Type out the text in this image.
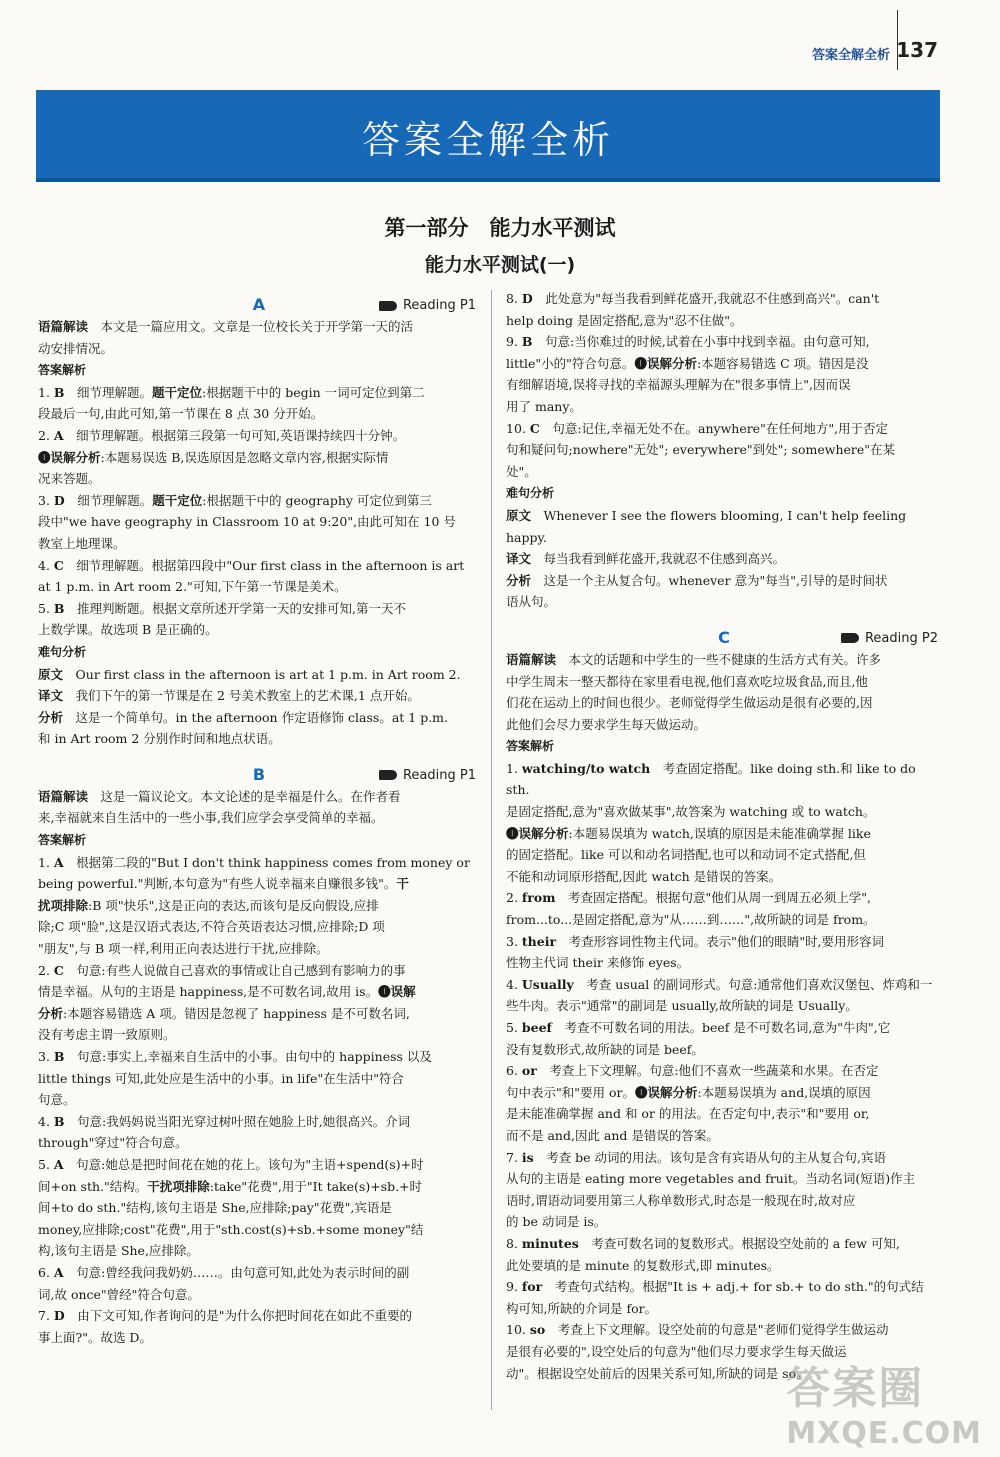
答案全解全析 137
答案全解全析
第一部分　能力水平测试
能力水平测试(一)
A	Reading P1

语篇解读　本文是一篇应用文。文章是一位校长关于开学第一天的活

动安排情况。

答案解析

1. B　细节理解题。题干定位:根据题干中的 begin 一词可定位到第二

段最后一句,由此可知,第一节课在 8 点 30 分开始。

2. A　细节理解题。根据第三段第一句可知,英语课持续四十分钟。

❶误解分析:本题易误选 B,误选原因是忽略文章内容,根据实际情

况来答题。

3. D　细节理解题。题干定位:根据题干中的 geography 可定位到第三

段中"we have geography in Classroom 10 at 9:20",由此可知在 10 号

教室上地理课。

4. C　细节理解题。根据第四段中"Our first class in the afternoon is art

at 1 p.m. in Art room 2."可知,下午第一节课是美术。

5. B　推理判断题。根据文章所述开学第一天的安排可知,第一天不

上数学课。故选项 B 是正确的。

难句分析

原文　Our first class in the afternoon is art at 1 p.m. in Art room 2.

译文　我们下午的第一节课是在 2 号美术教室上的艺术课,1 点开始。

分析　这是一个简单句。in the afternoon 作定语修饰 class。at 1 p.m.

和 in Art room 2 分别作时间和地点状语。

B	Reading P1

语篇解读　这是一篇议论文。本文论述的是幸福是什么。在作者看

来,幸福就来自生活中的一些小事,我们应学会享受简单的幸福。

答案解析

1. A　根据第二段的"But I don't think happiness comes from money or

being powerful."判断,本句意为"有些人说幸福来自赚很多钱"。干

扰项排除:B 项"快乐",这是正向的表达,而该句是反向假设,应排

除;C 项"脸",这是汉语式表达,不符合英语表达习惯,应排除;D 项

"朋友",与 B 项一样,利用正向表达进行干扰,应排除。

2. C　句意:有些人说做自己喜欢的事情或让自己感到有影响力的事

情是幸福。从句的主语是 happiness,是不可数名词,故用 is。❶误解

分析:本题容易错选 A 项。错因是忽视了 happiness 是不可数名词,

没有考虑主谓一致原则。

3. B　句意:事实上,幸福来自生活中的小事。由句中的 happiness 以及

little things 可知,此处应是生活中的小事。in life"在生活中"符合

句意。

4. B　句意:我妈妈说当阳光穿过树叶照在她脸上时,她很高兴。介词

through"穿过"符合句意。

5. A　句意:她总是把时间花在她的花上。该句为"主语+spend(s)+时

间+on sth."结构。干扰项排除:take"花费",用于"It take(s)+sb.+时

间+to do sth."结构,该句主语是 She,应排除;pay"花费",宾语是

money,应排除;cost"花费",用于"sth.cost(s)+sb.+some money"结

构,该句主语是 She,应排除。

6. A　句意:曾经我问我奶奶……。由句意可知,此处为表示时间的副

词,故 once"曾经"符合句意。

7. D　由下文可知,作者询问的是"为什么你把时间花在如此不重要的

事上面?"。故选 D。

8. D　此处意为"每当我看到鲜花盛开,我就忍不住感到高兴"。can't

help doing 是固定搭配,意为"忍不住做"。

9. B　句意:当你难过的时候,试着在小事中找到幸福。由句意可知,

little"小的"符合句意。❶误解分析:本题容易错选 C 项。错因是没

有细解语境,误将寻找的幸福源头理解为在"很多事情上",因而误

用了 many。

10. C　句意:记住,幸福无处不在。anywhere"在任何地方",用于否定

句和疑问句;nowhere"无处"; everywhere"到处"; somewhere"在某

处"。

难句分析

原文　Whenever I see the flowers blooming, I can't help feeling happy.

译文　每当我看到鲜花盛开,我就忍不住感到高兴。

分析　这是一个主从复合句。whenever 意为"每当",引导的是时间状

语从句。

C	Reading P2

语篇解读　本文的话题和中学生的一些不健康的生活方式有关。许多

中学生周末一整天都待在家里看电视,他们喜欢吃垃圾食品,而且,他

们花在运动上的时间也很少。老师觉得学生做运动是很有必要的,因

此他们会尽力要求学生每天做运动。

答案解析

1. watching/to watch　考查固定搭配。like doing sth.和 like to do sth.

是固定搭配,意为"喜欢做某事",故答案为 watching 或 to watch。

❶误解分析:本题易误填为 watch,误填的原因是未能准确掌握 like

的固定搭配。like 可以和动名词搭配,也可以和动词不定式搭配,但

不能和动词原形搭配,因此 watch 是错误的答案。

2. from　考查固定搭配。根据句意"他们从周一到周五必须上学",

from...to...是固定搭配,意为"从……到……",故所缺的词是 from。

3. their　考查形容词性物主代词。表示"他们的眼睛"时,要用形容词

性物主代词 their 来修饰 eyes。

4. Usually　考查 usual 的副词形式。句意:通常他们喜欢汉堡包、炸鸡和一

些牛肉。表示"通常"的副词是 usually,故所缺的词是 Usually。

5. beef　考查不可数名词的用法。beef 是不可数名词,意为"牛肉",它

没有复数形式,故所缺的词是 beef。

6. or　考查上下文理解。句意:他们不喜欢一些蔬菜和水果。在否定

句中表示"和"要用 or。❶误解分析:本题易误填为 and,误填的原因

是未能准确掌握 and 和 or 的用法。在否定句中,表示"和"要用 or,

而不是 and,因此 and 是错误的答案。

7. is　考查 be 动词的用法。该句是含有宾语从句的主从复合句,宾语

从句的主语是 eating more vegetables and fruit。当动名词(短语)作主

语时,谓语动词要用第三人称单数形式,时态是一般现在时,故对应

的 be 动词是 is。

8. minutes　考查可数名词的复数形式。根据设空处前的 a few 可知,

此处要填的是 minute 的复数形式,即 minutes。

9. for　考查句式结构。根据"It is + adj.+ for sb.+ to do sth."的句式结

构可知,所缺的介词是 for。

10. so　考查上下文理解。设空处前的句意是"老师们觉得学生做运动

是很有必要的",设空处后的句意为"他们尽力要求学生每天做运

动"。根据设空处前后的因果关系可知,所缺的词是 so。

答案圈
MXQE.COM
